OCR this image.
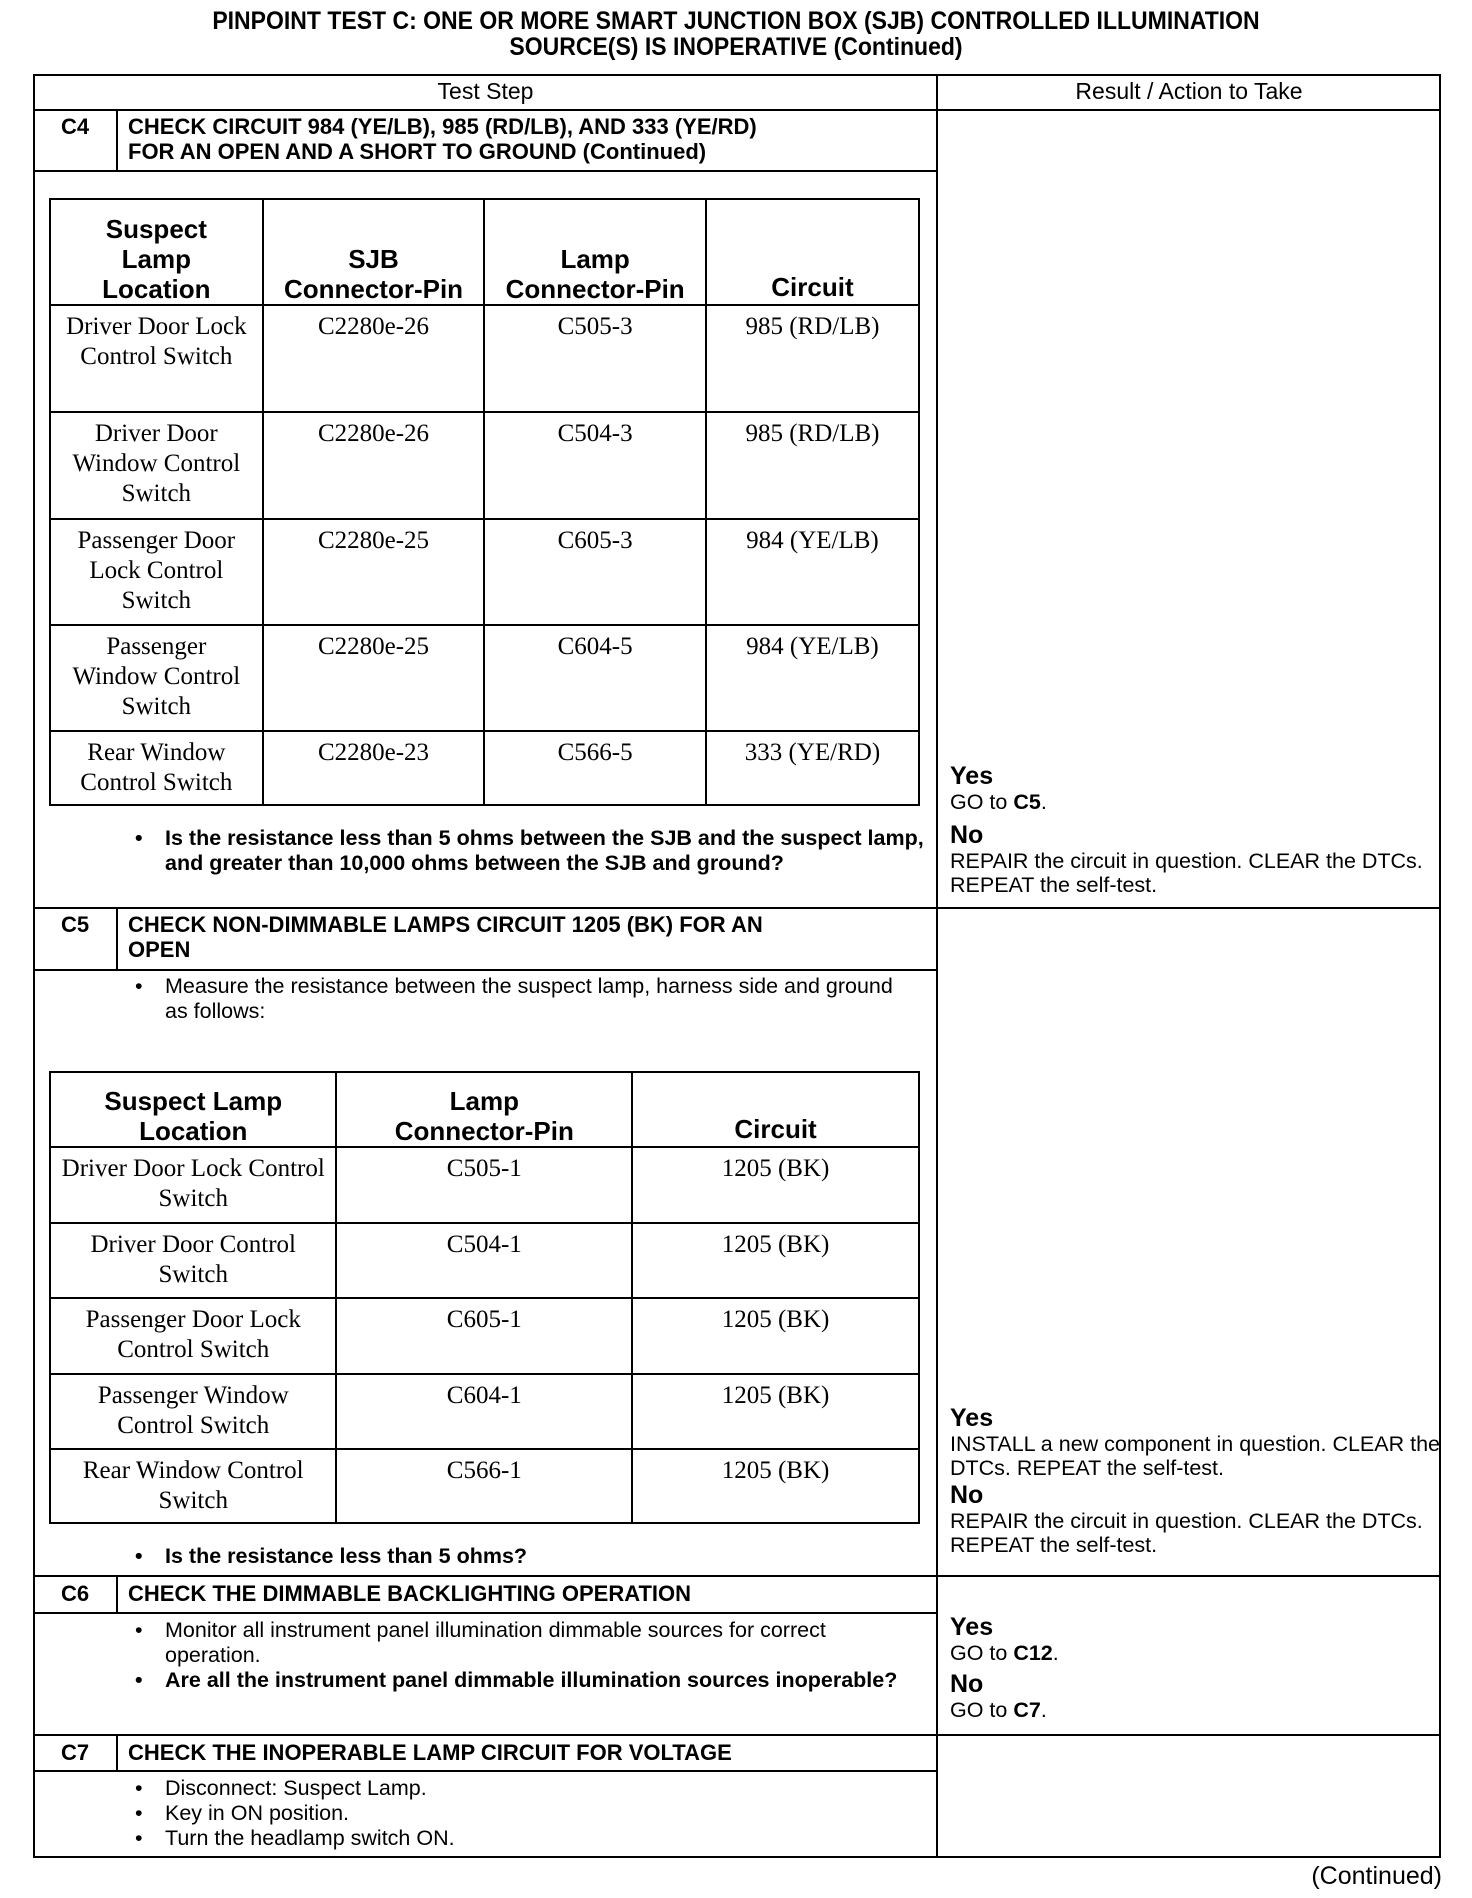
PINPOINT TEST C: ONE OR MORE SMART JUNCTION BOX (SJB) CONTROLLED ILLUMINATION
SOURCE(S) IS INOPERATIVE (Continued)
Test Step	Result / Action to Take
C4	CHECK CIRCUIT 984 (YE/LB), 985 (RD/LB), AND 333 (YE/RD)
FOR AN OPEN AND A SHORT TO GROUND (Continued)
Suspect Lamp Location	SJB Connector-Pin	Lamp Connector-Pin	Circuit
Driver Door Lock Control Switch	C2280e-26	C505-3	985 (RD/LB)
Driver Door Window Control Switch	C2280e-26	C504-3	985 (RD/LB)
Passenger Door Lock Control Switch	C2280e-25	C605-3	984 (YE/LB)
Passenger Window Control Switch	C2280e-25	C604-5	984 (YE/LB)
Rear Window Control Switch	C2280e-23	C566-5	333 (YE/RD)
• Is the resistance less than 5 ohms between the SJB and the suspect lamp, and greater than 10,000 ohms between the SJB and ground?
Yes
GO to C5.
No
REPAIR the circuit in question. CLEAR the DTCs. REPEAT the self-test.
C5	CHECK NON-DIMMABLE LAMPS CIRCUIT 1205 (BK) FOR AN
OPEN
• Measure the resistance between the suspect lamp, harness side and ground as follows:
Suspect Lamp Location	Lamp Connector-Pin	Circuit
Driver Door Lock Control Switch	C505-1	1205 (BK)
Driver Door Control Switch	C504-1	1205 (BK)
Passenger Door Lock Control Switch	C605-1	1205 (BK)
Passenger Window Control Switch	C604-1	1205 (BK)
Rear Window Control Switch	C566-1	1205 (BK)
• Is the resistance less than 5 ohms?
Yes
INSTALL a new component in question. CLEAR the DTCs. REPEAT the self-test.
No
REPAIR the circuit in question. CLEAR the DTCs. REPEAT the self-test.
C6	CHECK THE DIMMABLE BACKLIGHTING OPERATION
• Monitor all instrument panel illumination dimmable sources for correct operation.
• Are all the instrument panel dimmable illumination sources inoperable?
Yes
GO to C12.
No
GO to C7.
C7	CHECK THE INOPERABLE LAMP CIRCUIT FOR VOLTAGE
• Disconnect: Suspect Lamp.
• Key in ON position.
• Turn the headlamp switch ON.
(Continued)
